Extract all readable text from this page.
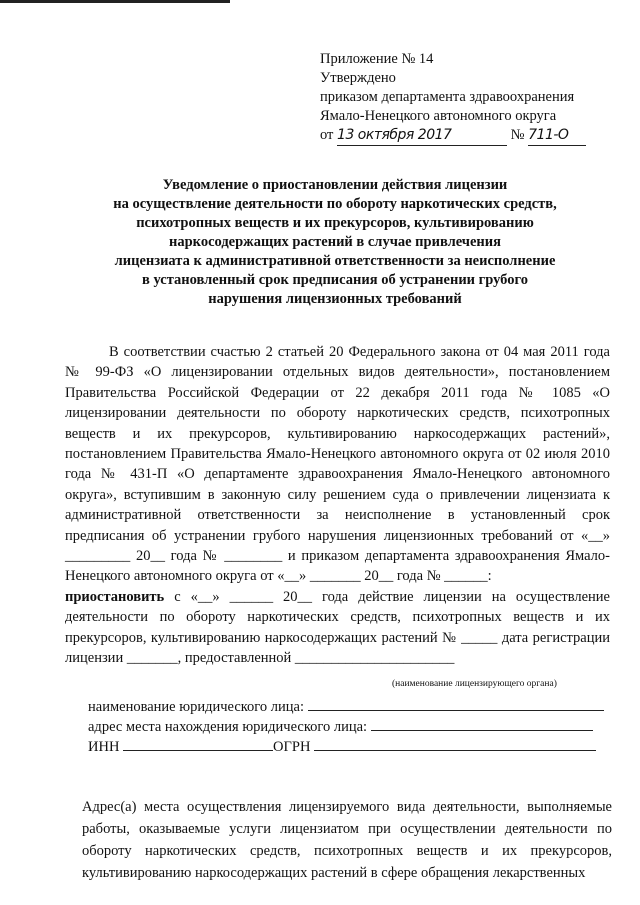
Приложение № 14
Утверждено
приказом департамента здравоохранения
Ямало-Ненецкого автономного округа
от 13 октября 2017	№ 711-О
Уведомление о приостановлении действия лицензии
на осуществление деятельности по обороту наркотических средств,
психотропных веществ и их прекурсоров, культивированию
наркосодержащих растений в случае привлечения
лицензиата к административной ответственности за неисполнение
в установленный срок предписания об устранении грубого
нарушения лицензионных требований

В соответствии счастью 2 статьей 20 Федерального закона от 04 мая 2011 года № 99-ФЗ «О лицензировании отдельных видов деятельности», постановлением Правительства Российской Федерации от 22 декабря 2011 года № 1085 «О лицензировании деятельности по обороту наркотических средств, психотропных веществ и их прекурсоров, культивированию наркосодержащих растений», постановлением Правительства Ямало-Ненецкого автономного округа от 02 июля 2010 года № 431-П «О департаменте здравоохранения Ямало-Ненецкого автономного округа», вступившим в законную силу решением суда о привлечении лицензиата к административной ответственности за неисполнение в установленный срок предписания об устранении грубого нарушения лицензионных требований от «__» _________ 20__ года № ________ и приказом департамента здравоохранения Ямало-Ненецкого автономного округа от «__» _______ 20__ года № ______:

приостановить с «__» ______ 20__ года действие лицензии на осуществление деятельности по обороту наркотических средств, психотропных веществ и их прекурсоров, культивированию наркосодержащих растений № _____ дата регистрации лицензии _______, предоставленной ______________________

(наименование лицензирующего органа)
наименование юридического лица:
адрес места нахождения юридического лица:
ИНН	ОГРН

Адрес(а) места осуществления лицензируемого вида деятельности, выполняемые работы, оказываемые услуги лицензиатом при осуществлении деятельности по обороту наркотических средств, психотропных веществ и их прекурсоров, культивированию наркосодержащих растений в сфере обращения лекарственных
